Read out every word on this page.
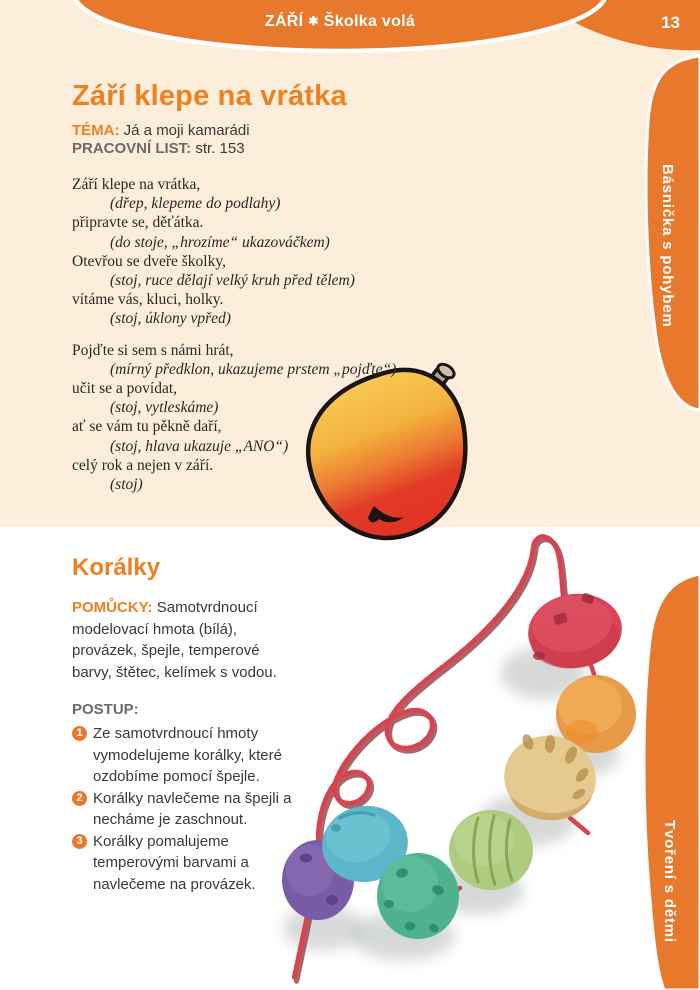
ZÁŘÍ ✱ Školka volá	13
Básnička s pohybem
Tvoření s dětmi
Září klepe na vrátka
TÉMA: Já a moji kamarádi
PRACOVNÍ LIST: str. 153
Září klepe na vrátka,
(dřep, klepeme do podlahy)
připravte se, děťátka.
(do stoje, „hrozíme“ ukazováčkem)
Otevřou se dveře školky,
(stoj, ruce dělají velký kruh před tělem)
vítáme vás, kluci, holky.
(stoj, úklony vpřed)
Pojďte si sem s námi hrát,
(mírný předklon, ukazujeme prstem „pojďte“)
učit se a povídat,
(stoj, vytleskáme)
ať se vám tu pěkně daří,
(stoj, hlava ukazuje „ANO“)
celý rok a nejen v září.
(stoj)
Korálky

POMŮCKY: Samotvrdnoucí modelovací hmota (bílá), provázek, špejle, temperové barvy, štětec, kelímek s vodou.

POSTUP:
1 Ze samotvrdnoucí hmoty vymodelujeme korálky, které ozdobíme pomocí špejle.
2 Korálky navlečeme na špejli a necháme je zaschnout.
3 Korálky pomalujeme temperovými barvami a navlečeme na provázek.
